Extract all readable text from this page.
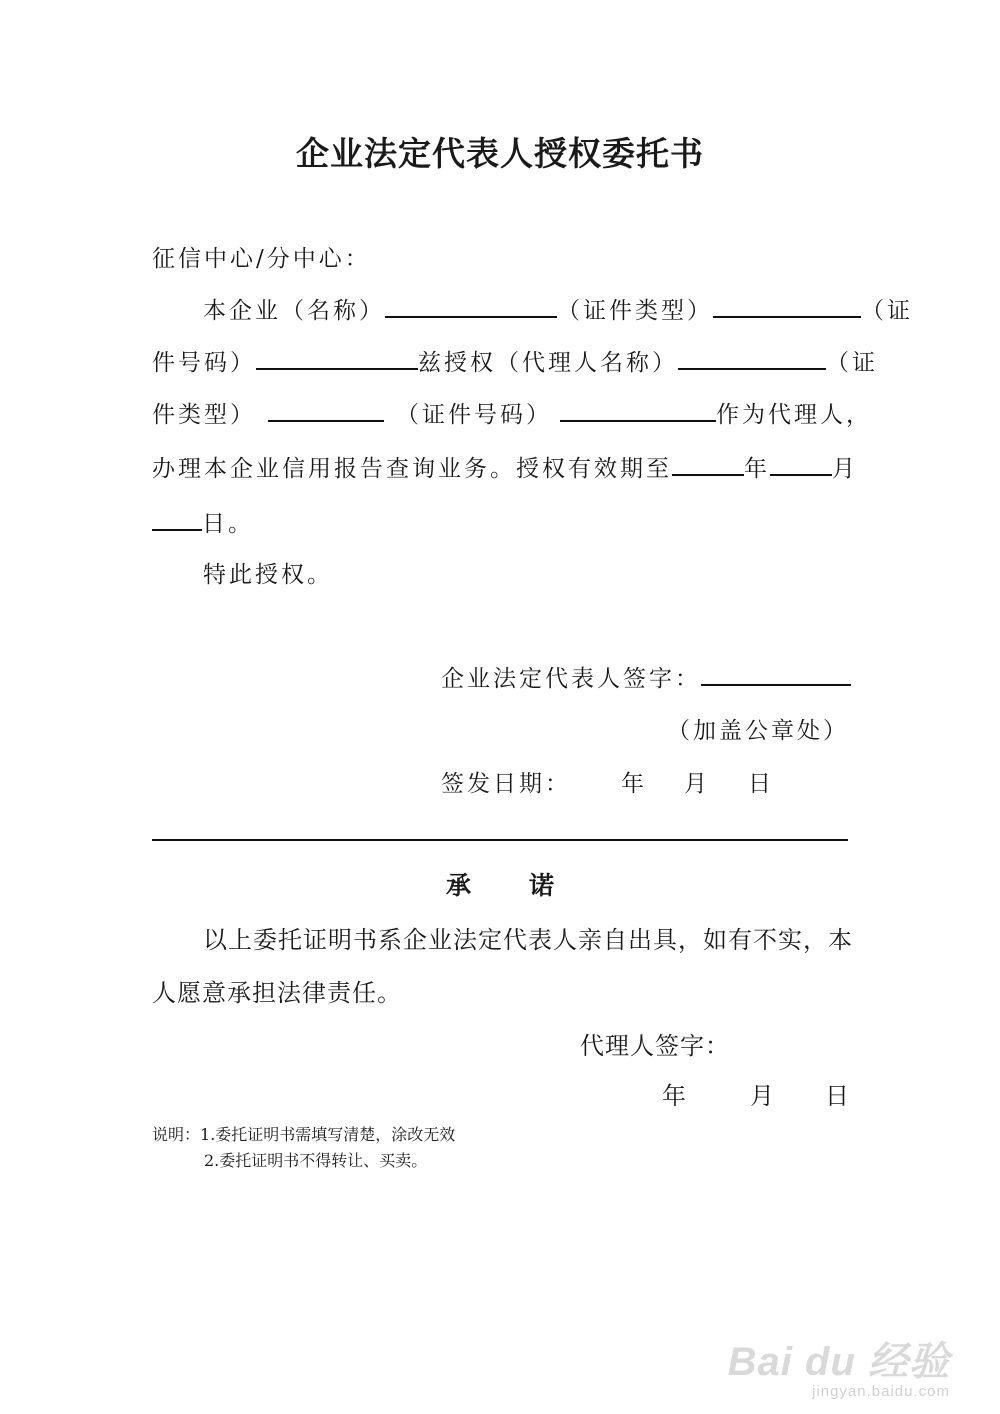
企业法定代表人授权委托书
征信中心/分中心：
本企业（名称）	（证件类型）	（证
件号码）	兹授权（代理人名称）	（证
件类型）	（证件号码）	作为代理人，
办理本企业信用报告查询业务。授权有效期至	年	月
日。
特此授权。
企业法定代表人签字：
（加盖公章处）
签发日期： 年 月 日
承 诺
以上委托证明书系企业法定代表人亲自出具，如有不实，本
人愿意承担法律责任。
代理人签字：
年	月 日
说明：1.委托证明书需填写清楚，涂改无效
2.委托证明书不得转让、买卖。
Bai du 经验
jingyan.baidu.com
